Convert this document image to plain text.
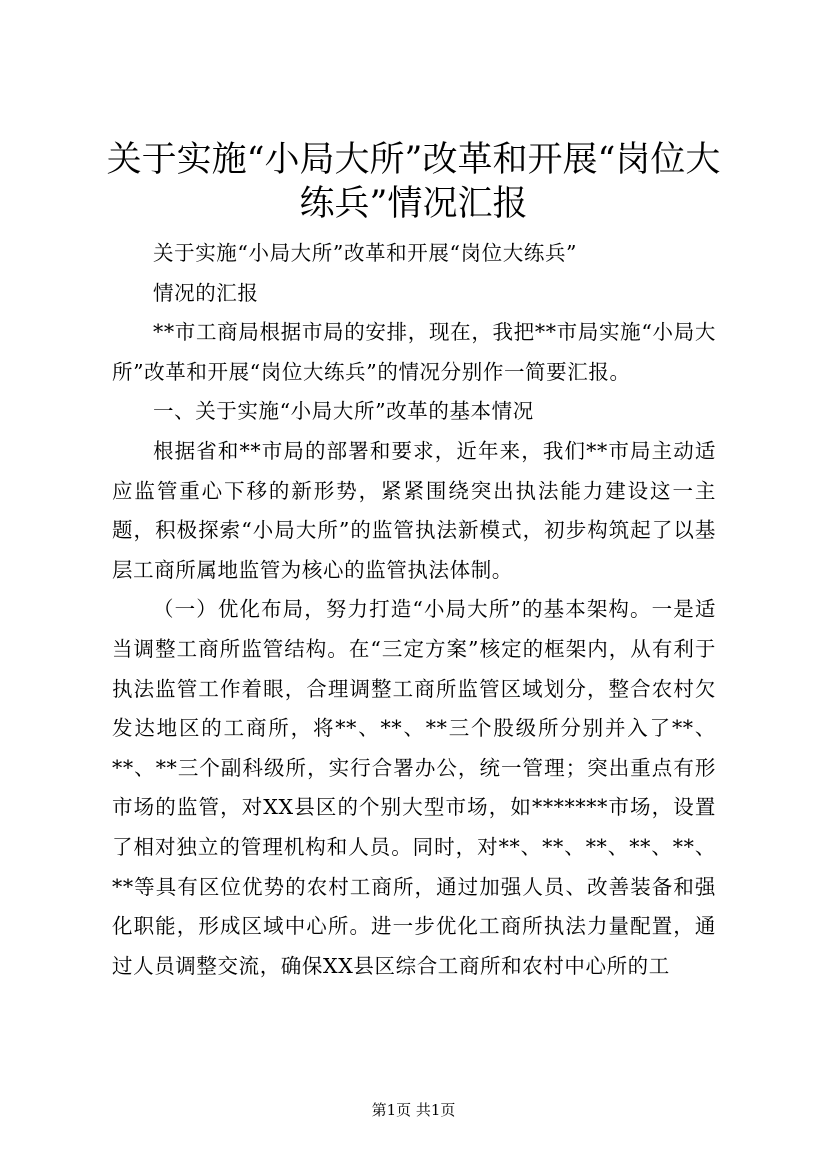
关于实施“小局大所”改革和开展“岗位大练兵”情况汇报

关于实施“小局大所”改革和开展“岗位大练兵”

情况的汇报

**市工商局根据市局的安排，现在，我把**市局实施“小局大所”改革和开展“岗位大练兵”的情况分别作一简要汇报。

一、关于实施“小局大所”改革的基本情况

根据省和**市局的部署和要求，近年来，我们**市局主动适应监管重心下移的新形势，紧紧围绕突出执法能力建设这一主题，积极探索“小局大所”的监管执法新模式，初步构筑起了以基层工商所属地监管为核心的监管执法体制。

（一）优化布局，努力打造“小局大所”的基本架构。一是适当调整工商所监管结构。在“三定方案”核定的框架内，从有利于执法监管工作着眼，合理调整工商所监管区域划分，整合农村欠发达地区的工商所，将**、**、**三个股级所分别并入了**、**、**三个副科级所，实行合署办公，统一管理；突出重点有形市场的监管，对XX县区的个别大型市场，如*******市场，设置了相对独立的管理机构和人员。同时，对**、**、**、**、**、**等具有区位优势的农村工商所，通过加强人员、改善装备和强化职能，形成区域中心所。进一步优化工商所执法力量配置，通过人员调整交流，确保XX县区综合工商所和农村中心所的工

第1页 共1页
